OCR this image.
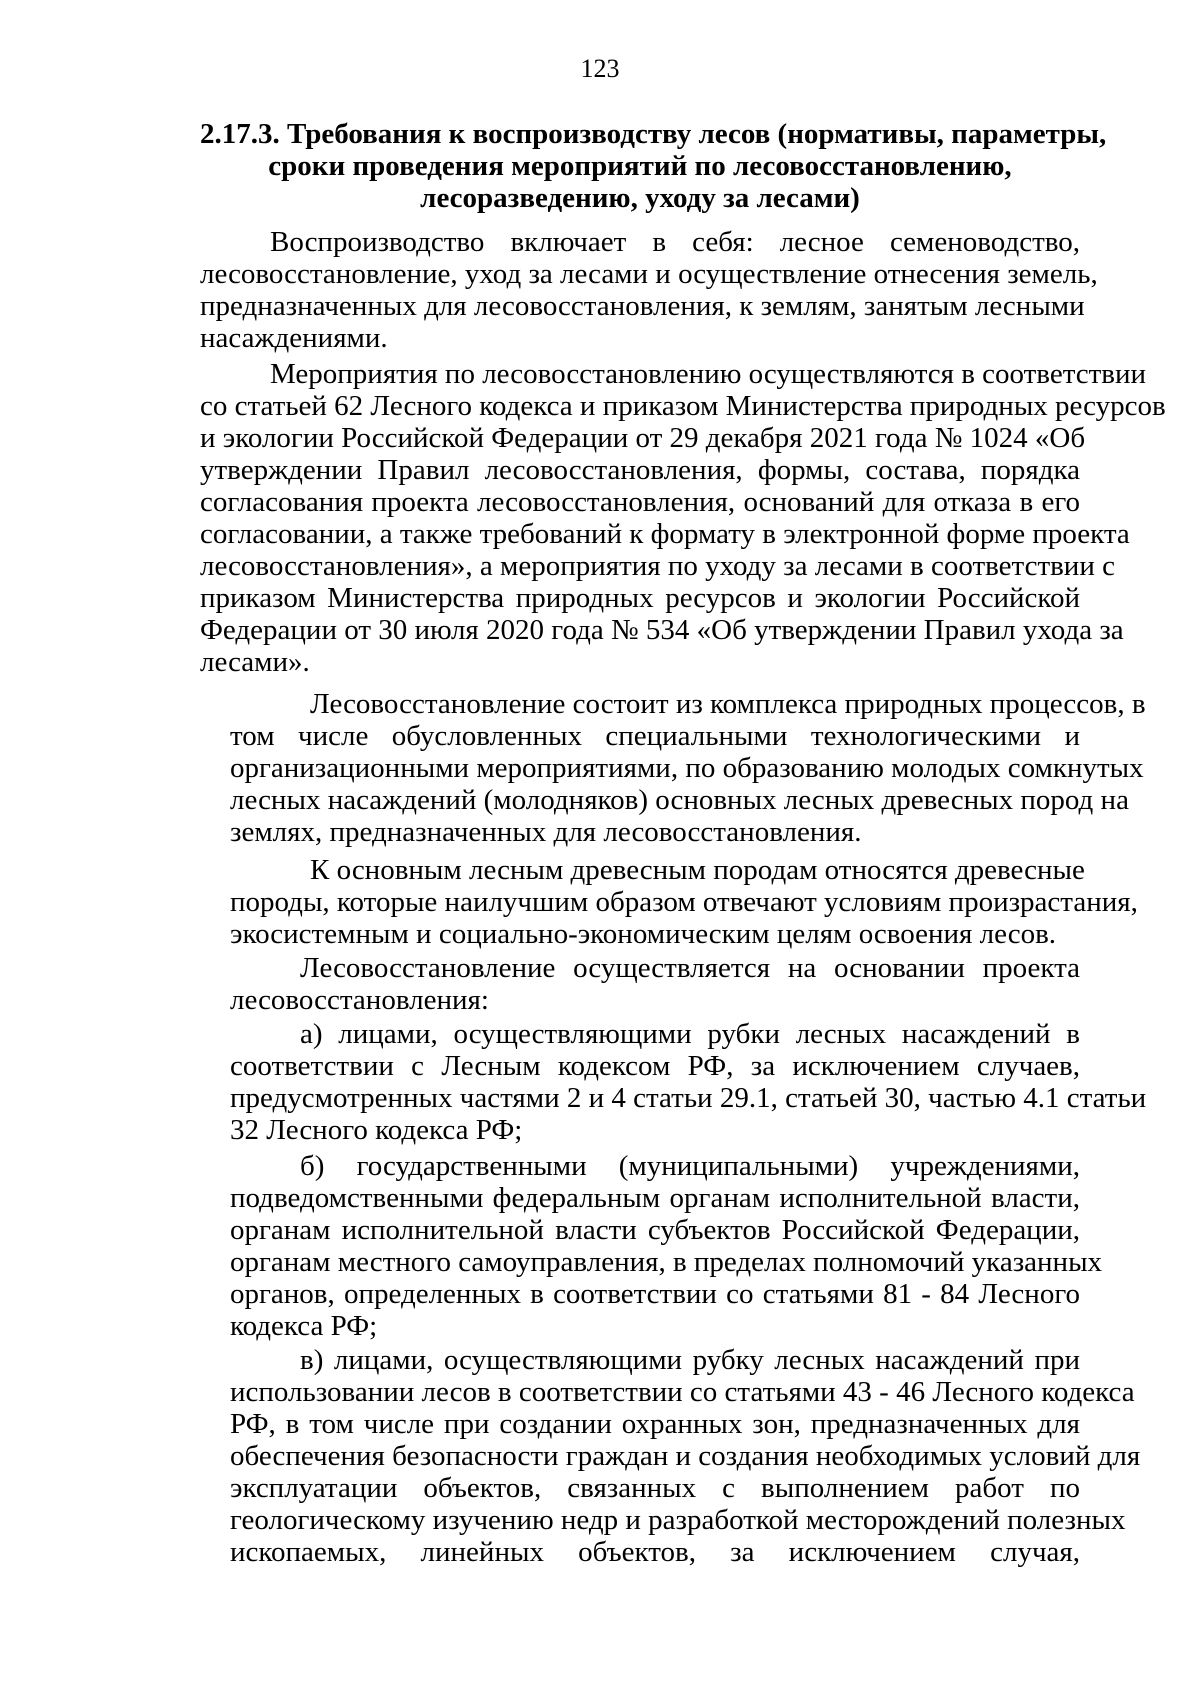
123
2.17.3. Требования к воспроизводству лесов (нормативы, параметры,
сроки проведения мероприятий по лесовосстановлению,
лесоразведению, уходу за лесами)
Воспроизводство включает в себя: лесное семеноводство,
лесовосстановление, уход за лесами и осуществление отнесения земель,
предназначенных для лесовосстановления, к землям, занятым лесными
насаждениями.
Мероприятия по лесовосстановлению осуществляются в соответствии
со статьей 62 Лесного кодекса и приказом Министерства природных ресурсов
и экологии Российской Федерации от 29 декабря 2021 года № 1024 «Об
утверждении Правил лесовосстановления, формы, состава, порядка
согласования проекта лесовосстановления, оснований для отказа в его
согласовании, а также требований к формату в электронной форме проекта
лесовосстановления», а мероприятия по уходу за лесами в соответствии с
приказом Министерства природных ресурсов и экологии Российской
Федерации от 30 июля 2020 года № 534 «Об утверждении Правил ухода за
лесами».
Лесовосстановление состоит из комплекса природных процессов, в
том числе обусловленных специальными технологическими и
организационными мероприятиями, по образованию молодых сомкнутых
лесных насаждений (молодняков) основных лесных древесных пород на
землях, предназначенных для лесовосстановления.
К основным лесным древесным породам относятся древесные
породы, которые наилучшим образом отвечают условиям произрастания,
экосистемным и социально-экономическим целям освоения лесов.
Лесовосстановление осуществляется на основании проекта
лесовосстановления:
а) лицами, осуществляющими рубки лесных насаждений в
соответствии с Лесным кодексом РФ, за исключением случаев,
предусмотренных частями 2 и 4 статьи 29.1, статьей 30, частью 4.1 статьи
32 Лесного кодекса РФ;
б) государственными (муниципальными) учреждениями,
подведомственными федеральным органам исполнительной власти,
органам исполнительной власти субъектов Российской Федерации,
органам местного самоуправления, в пределах полномочий указанных
органов, определенных в соответствии со статьями 81 - 84 Лесного
кодекса РФ;
в) лицами, осуществляющими рубку лесных насаждений при
использовании лесов в соответствии со статьями 43 - 46 Лесного кодекса
РФ, в том числе при создании охранных зон, предназначенных для
обеспечения безопасности граждан и создания необходимых условий для
эксплуатации объектов, связанных с выполнением работ по
геологическому изучению недр и разработкой месторождений полезных
ископаемых, линейных объектов, за исключением случая,
